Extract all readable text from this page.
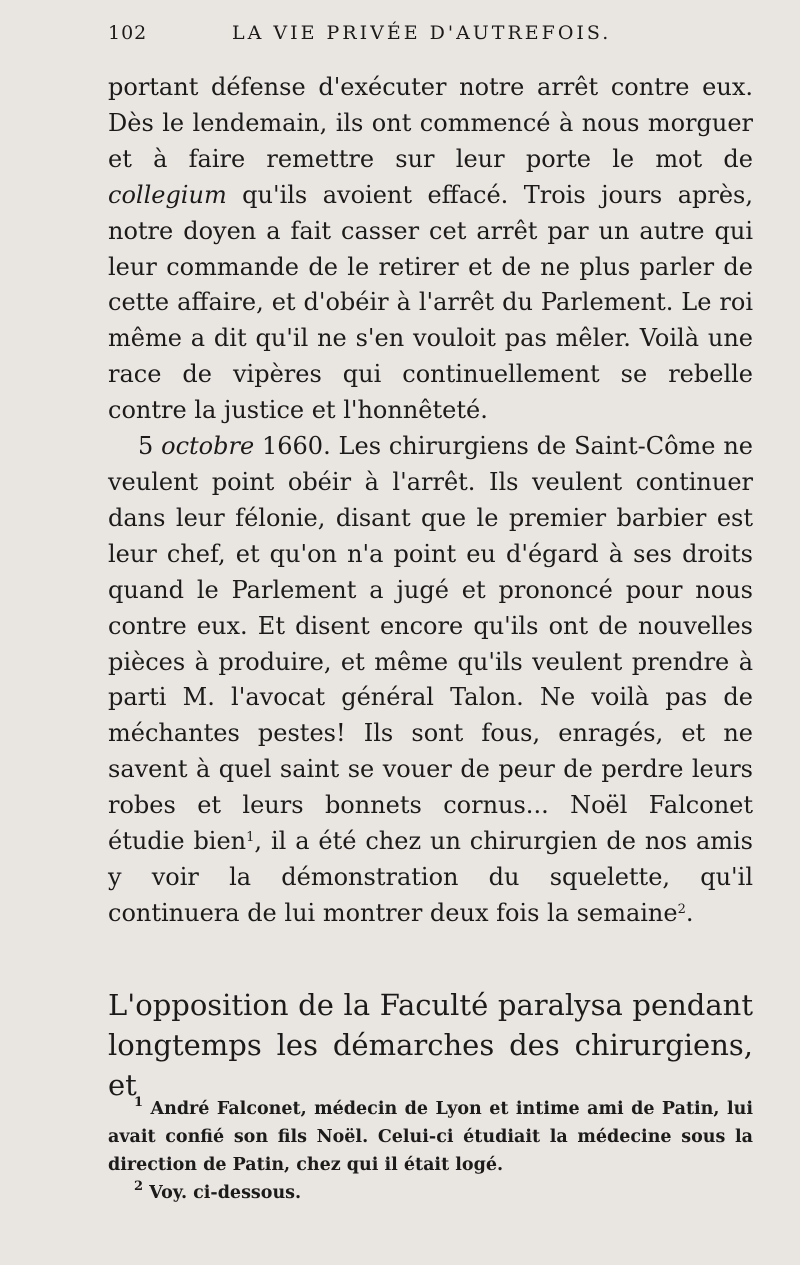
102	LA VIE PRIVÉE D'AUTREFOIS.

portant défense d'exécuter notre arrêt contre eux. Dès le lendemain, ils ont commencé à nous morguer et à faire remettre sur leur porte le mot de collegium qu'ils avoient effacé. Trois jours après, notre doyen a fait casser cet arrêt par un autre qui leur commande de le retirer et de ne plus parler de cette affaire, et d'obéir à l'arrêt du Parlement. Le roi même a dit qu'il ne s'en vouloit pas mêler. Voilà une race de vipères qui continuellement se rebelle contre la justice et l'honnêteté.

5 octobre 1660. Les chirurgiens de Saint-Côme ne veulent point obéir à l'arrêt. Ils veulent continuer dans leur félonie, disant que le premier barbier est leur chef, et qu'on n'a point eu d'égard à ses droits quand le Parlement a jugé et prononcé pour nous contre eux. Et disent encore qu'ils ont de nouvelles pièces à produire, et même qu'ils veulent prendre à parti M. l'avocat général Talon. Ne voilà pas de méchantes pestes! Ils sont fous, enragés, et ne savent à quel saint se vouer de peur de perdre leurs robes et leurs bonnets cornus... Noël Falconet étudie bien$^1$, il a été chez un chirurgien de nos amis y voir la démonstration du squelette, qu'il continuera de lui montrer deux fois la semaine$^2$.

L'opposition de la Faculté paralysa pendant longtemps les démarches des chirurgiens, et

$^1$ André Falconet, médecin de Lyon et intime ami de Patin, lui avait confié son fils Noël. Celui-ci étudiait la médecine sous la direction de Patin, chez qui il était logé.

$^2$ Voy. ci-dessous.
